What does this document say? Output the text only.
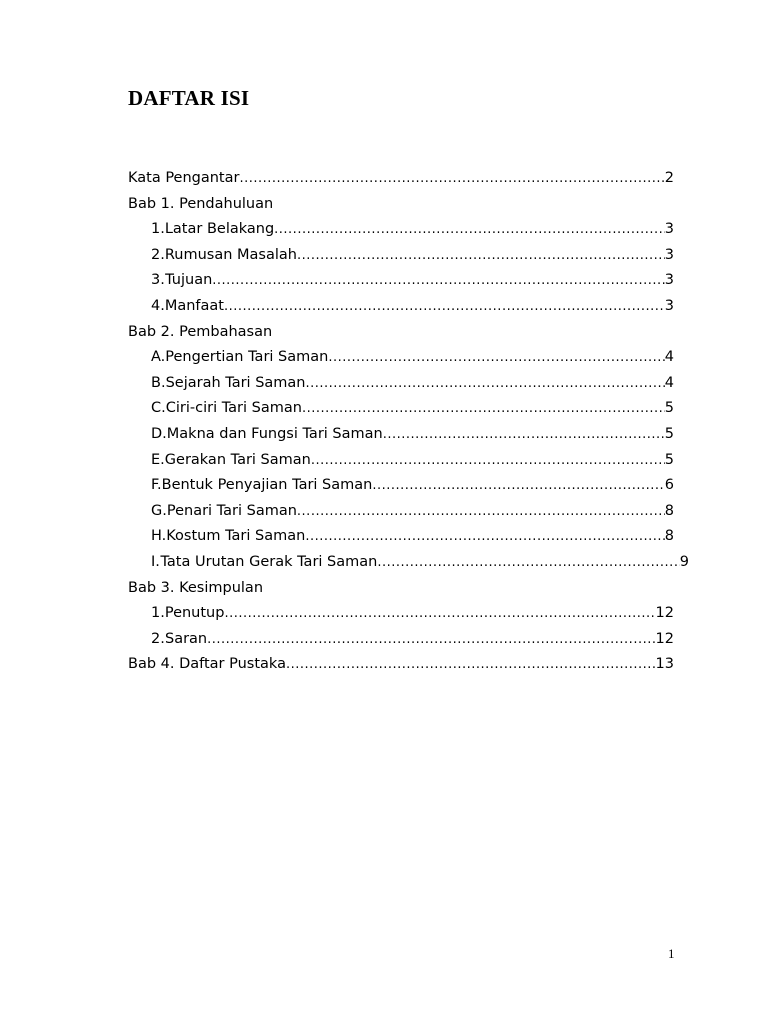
DAFTAR ISI
Kata Pengantar .....	2
Bab 1. Pendahuluan
1. Latar Belakang .....	3
2. Rumusan Masalah .....	3
3. Tujuan .....	3
4. Manfaat .....	3
Bab 2. Pembahasan
A. Pengertian Tari Saman .....	4
B. Sejarah Tari Saman .....	4
C. Ciri-ciri Tari Saman .....	5
D. Makna dan Fungsi Tari Saman .....	5
E. Gerakan Tari Saman .....	5
F. Bentuk Penyajian Tari Saman .....	6
G. Penari Tari Saman .....	8
H. Kostum Tari Saman .....	8
I. Tata Urutan Gerak Tari Saman .....	9
Bab 3. Kesimpulan
1. Penutup .....	12
2. Saran .....	12
Bab 4. Daftar Pustaka .....	13
1
